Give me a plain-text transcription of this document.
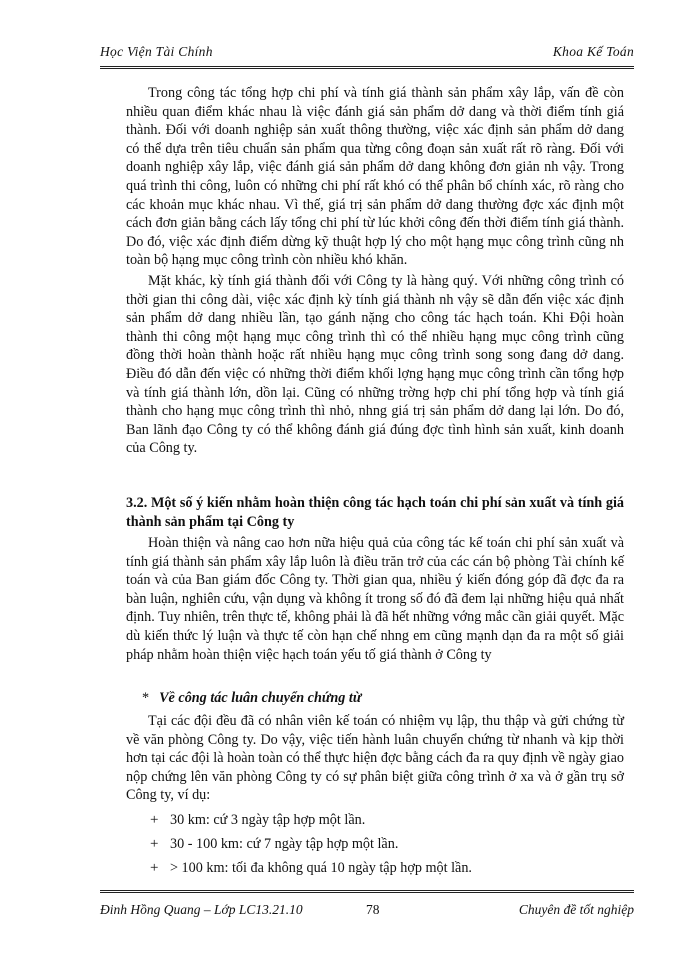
Học Viện Tài Chính	Khoa Kế Toán

Trong công tác tổng hợp chi phí và tính giá thành sản phẩm xây lắp, vấn đề còn nhiều quan điểm khác nhau là việc đánh giá sản phẩm dở dang và thời điểm tính giá thành. Đối với doanh nghiệp sản xuất thông thường, việc xác định sản phẩm dở dang có thể dựa trên tiêu chuẩn sản phẩm qua từng công đoạn sản xuất rất rõ ràng. Đối với doanh nghiệp xây lắp, việc đánh giá sản phẩm dở dang không đơn giản nh vậy. Trong quá trình thi công, luôn có những chi phí rất khó có thể phân bổ chính xác, rõ ràng cho các khoản mục khác nhau. Vì thế, giá trị sản phẩm dở dang thường đợc xác định một cách đơn giản bằng cách lấy tổng chi phí từ lúc khởi công đến thời điểm tính giá thành. Do đó, việc xác định điểm dừng kỹ thuật hợp lý cho một hạng mục công trình cũng nh toàn bộ hạng mục công trình còn nhiều khó khăn.

Mặt khác, kỳ tính giá thành đối với Công ty là hàng quý. Với những công trình có thời gian thi công dài, việc xác định kỳ tính giá thành nh vậy sẽ dẫn đến việc xác định sản phẩm dở dang nhiều lần, tạo gánh nặng cho công tác hạch toán. Khi Đội hoàn thành thi công một hạng mục công trình thì có thể nhiều hạng mục công trình cũng đồng thời hoàn thành hoặc rất nhiều hạng mục công trình song song đang dở dang. Điều đó dẫn đến việc có những thời điểm khối lợng hạng mục công trình cần tổng hợp và tính giá thành lớn, dồn lại. Cũng có những trờng hợp chi phí tổng hợp và tính giá thành cho hạng mục công trình thì nhỏ, nhng giá trị sản phẩm dở dang lại lớn. Do đó, Ban lãnh đạo Công ty có thể không đánh giá đúng đợc tình hình sản xuất, kinh doanh của Công ty.

3.2. Một số ý kiến nhằm hoàn thiện công tác hạch toán chi phí sản xuất và tính giá thành sản phẩm tại Công ty

Hoàn thiện và nâng cao hơn nữa hiệu quả của công tác kế toán chi phí sản xuất và tính giá thành sản phẩm xây lắp luôn là điều trăn trở của các cán bộ phòng Tài chính kế toán và của Ban giám đốc Công ty. Thời gian qua, nhiều ý kiến đóng góp đã đợc đa ra bàn luận, nghiên cứu, vận dụng và không ít trong số đó đã đem lại những hiệu quả nhất định. Tuy nhiên, trên thực tế, không phải là đã hết những vớng mắc cần giải quyết. Mặc dù kiến thức lý luận và thực tế còn hạn chế nhng em cũng mạnh dạn đa ra một số giải pháp nhằm hoàn thiện việc hạch toán yếu tố giá thành ở Công ty

* Về công tác luân chuyển chứng từ

Tại các đội đều đã có nhân viên kế toán có nhiệm vụ lập, thu thập và gửi chứng từ về văn phòng Công ty. Do vậy, việc tiến hành luân chuyển chứng từ nhanh và kịp thời hơn tại các đội là hoàn toàn có thể thực hiện đợc bằng cách đa ra quy định về ngày giao nộp chứng lên văn phòng Công ty có sự phân biệt giữa công trình ở xa và ở gần trụ sở Công ty, ví dụ:

+ 30 km: cứ 3 ngày tập hợp một lần.
+ 30 - 100 km: cứ 7 ngày tập hợp một lần.
+ > 100 km: tối đa không quá 10 ngày tập hợp một lần.
Đinh Hồng Quang – Lớp LC13.21.10	78	Chuyên đề tốt nghiệp
